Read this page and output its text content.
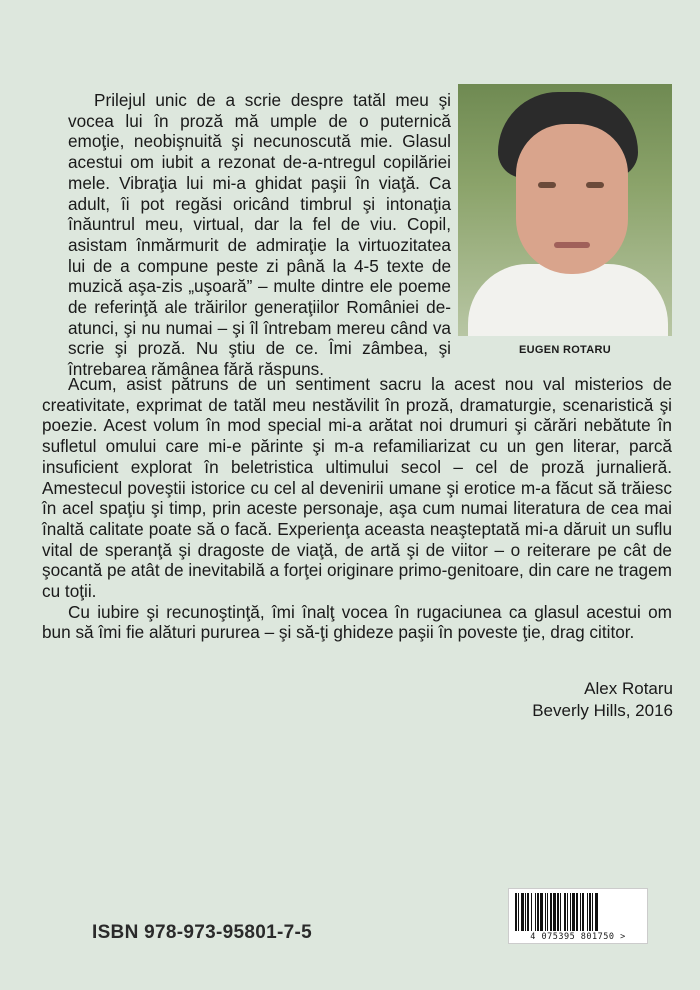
EUGEN ROTARU

Prilejul unic de a scrie despre tatăl meu şi vocea lui în proză mă umple de o puternică emoţie, neobişnuită şi necunoscută mie. Glasul acestui om iubit a rezonat de-a-ntregul copilăriei mele. Vibraţia lui mi-a ghidat paşii în viaţă. Ca adult, îi pot regăsi oricând timbrul şi intonaţia înăuntrul meu, virtual, dar la fel de viu. Copil, asistam înmărmurit de admiraţie la virtuozitatea lui de a compune peste zi până la 4-5 texte de muzică aşa-zis „uşoară” – multe dintre ele poeme de referinţă ale trăirilor generaţiilor României de-atunci, şi nu numai – şi îl întrebam mereu când va scrie şi proză. Nu ştiu de ce. Îmi zâmbea, şi întrebarea rămânea fără răspuns.

Acum, asist pătruns de un sentiment sacru la acest nou val misterios de creativitate, exprimat de tatăl meu nestăvilit în proză, dramaturgie, scenaristică şi poezie. Acest volum în mod special mi-a arătat noi drumuri şi cărări nebătute în sufletul omului care mi-e părinte şi m-a refamiliarizat cu un gen literar, parcă insuficient explorat în beletristica ultimului secol – cel de proză jurnalieră. Amestecul poveştii istorice cu cel al devenirii umane şi erotice m-a făcut să trăiesc în acel spaţiu şi timp, prin aceste personaje, aşa cum numai literatura de cea mai înaltă calitate poate să o facă. Experienţa aceasta neaşteptată mi-a dăruit un suflu vital de speranţă şi dragoste de viaţă, de artă şi de viitor – o reiterare pe cât de şocantă pe atât de inevitabilă a forţei originare primo-genitoare, din care ne tragem cu toţii.

Cu iubire şi recunoştinţă, îmi înalţ vocea în rugaciunea ca glasul acestui om bun să îmi fie alături pururea – şi să-ţi ghideze paşii în poveste ţie, drag cititor.

Alex Rotaru
Beverly Hills, 2016
ISBN 978-973-95801-7-5	4 075395 801750 >
